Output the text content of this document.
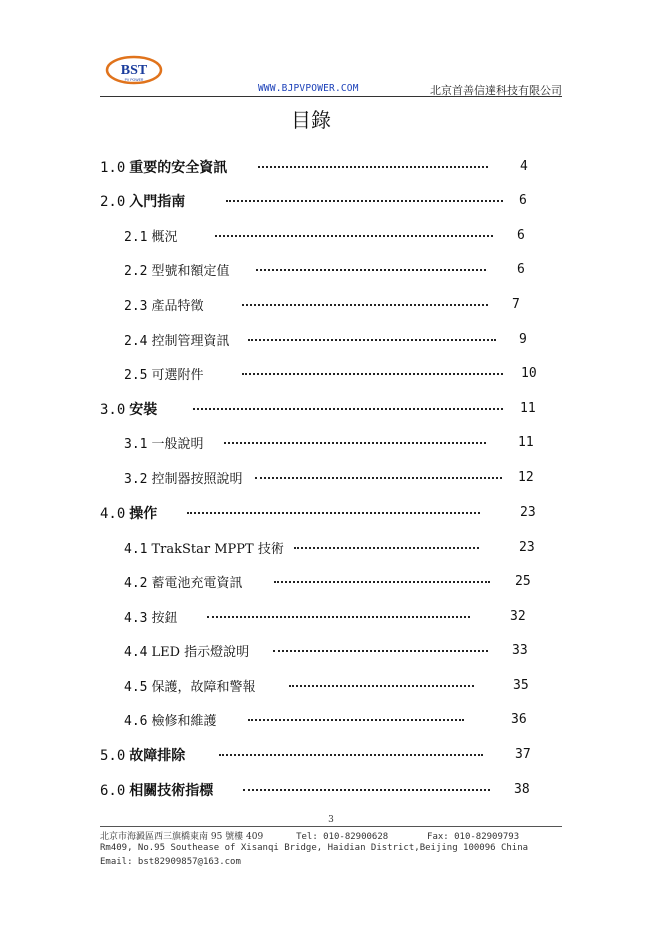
BST
PV POWER
WWW.BJPVPOWER.COM	北京首善信達科技有限公司
目錄
1.0 重要的安全資訊	4
2.0 入門指南	6
2.1 概況	6
2.2 型號和額定值	6
2.3 產品特徵	7
2.4 控制管理資訊	9
2.5 可選附件	10
3.0 安裝	11
3.1 一般說明	11
3.2 控制器按照說明	12
4.0 操作	23
4.1 TrakStar MPPT 技術	23
4.2 蓄電池充電資訊	25
4.3 按鈕	32
4.4 LED 指示燈說明	33
4.5 保護，故障和警報	35
4.6 檢修和維護	36
5.0 故障排除	37
6.0 相關技術指標	38
3
北京市海澱區西三旗橋東南 95 號樓 409	Tel: 010-82900628	Fax: 010-82909793
Rm409, No.95 Southease of Xisanqi Bridge, Haidian District,Beijing 100096 China
Email: bst82909857@163.com
